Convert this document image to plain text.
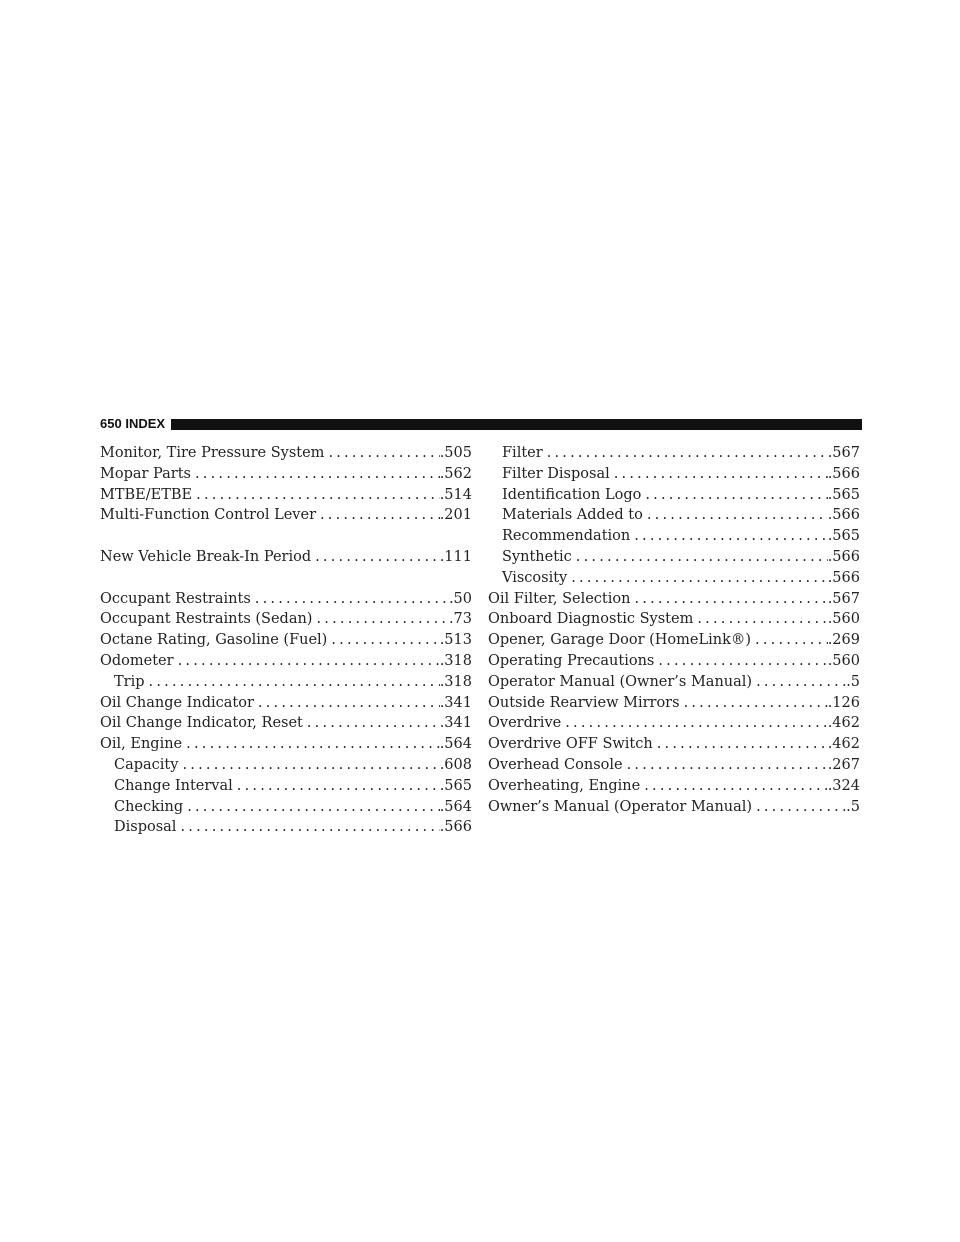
650 INDEX
Monitor, Tire Pressure System .....	.505
Mopar Parts .....	.562
MTBE/ETBE .....	.514
Multi-Function Control Lever .....	.201
New Vehicle Break-In Period .....	.111
Occupant Restraints .....	.50
Occupant Restraints (Sedan) .....	.73
Octane Rating, Gasoline (Fuel) .....	.513
Odometer .....	.318
Trip .....	.318
Oil Change Indicator .....	.341
Oil Change Indicator, Reset .....	.341
Oil, Engine .....	.564
Capacity .....	.608
Change Interval .....	.565
Checking .....	.564
Disposal .....	.566
Filter .....	.567
Filter Disposal .....	.566
Identification Logo .....	.565
Materials Added to .....	.566
Recommendation .....	.565
Synthetic .....	.566
Viscosity .....	.566
Oil Filter, Selection .....	.567
Onboard Diagnostic System .....	.560
Opener, Garage Door (HomeLink®) .....	.269
Operating Precautions .....	.560
Operator Manual (Owner’s Manual) .....	.5
Outside Rearview Mirrors .....	.126
Overdrive .....	.462
Overdrive OFF Switch .....	.462
Overhead Console .....	.267
Overheating, Engine .....	.324
Owner’s Manual (Operator Manual) .....	.5
